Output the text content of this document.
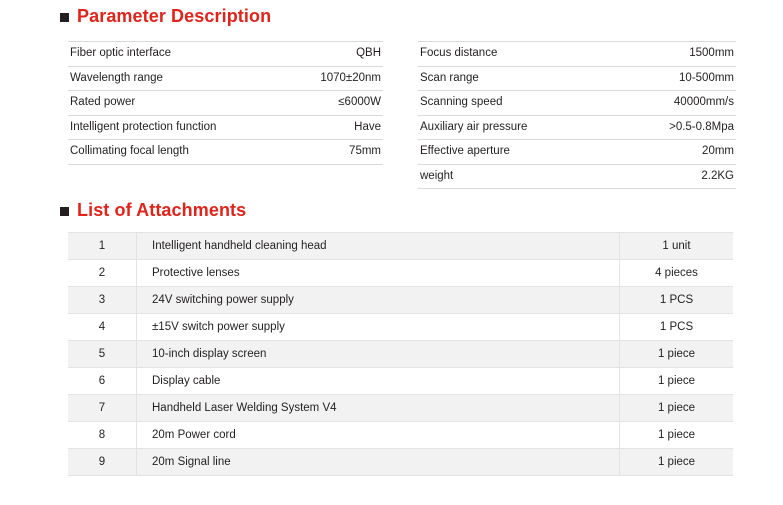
Parameter Description
Fiber optic interface	QBH
Wavelength range	1070±20nm
Rated power	≤6000W
Intelligent protection function	Have
Collimating focal length	75mm
Focus distance	1500mm
Scan range	10-500mm
Scanning speed	40000mm/s
Auxiliary air pressure	>0.5-0.8Mpa
Effective aperture	20mm
weight	2.2KG
List of Attachments
1	Intelligent handheld cleaning head	1 unit
2	Protective lenses	4 pieces
3	24V switching power supply	1 PCS
4	±15V switch power supply	1 PCS
5	10-inch display screen	1 piece
6	Display cable	1 piece
7	Handheld Laser Welding System V4	1 piece
8	20m Power cord	1 piece
9	20m Signal line	1 piece
